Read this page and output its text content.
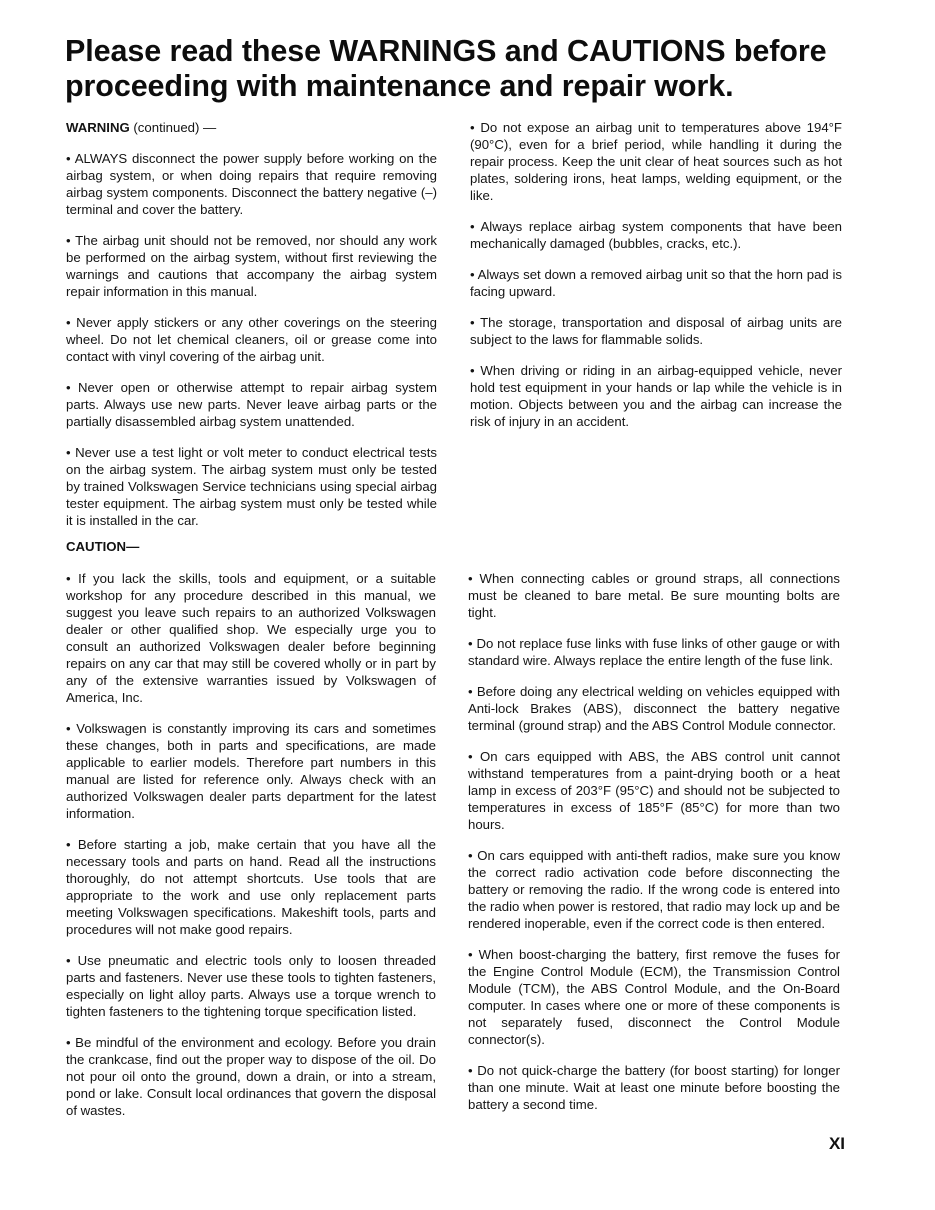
Please read these WARNINGS and CAUTIONS before proceeding with maintenance and repair work.

WARNING (continued) —

• ALWAYS disconnect the power supply before working on the airbag system, or when doing repairs that require removing airbag system components. Disconnect the battery negative (–) terminal and cover the battery.

• The airbag unit should not be removed, nor should any work be performed on the airbag system, without first reviewing the warnings and cautions that accompany the airbag system repair information in this manual.

• Never apply stickers or any other coverings on the steering wheel. Do not let chemical cleaners, oil or grease come into contact with vinyl covering of the airbag unit.

• Never open or otherwise attempt to repair airbag system parts. Always use new parts. Never leave airbag parts or the partially disassembled airbag system unattended.

• Never use a test light or volt meter to conduct electrical tests on the airbag system. The airbag system must only be tested by trained Volkswagen Service technicians using special airbag tester equipment. The airbag system must only be tested while it is installed in the car.

• Do not expose an airbag unit to temperatures above 194°F (90°C), even for a brief period, while handling it during the repair process. Keep the unit clear of heat sources such as hot plates, soldering irons, heat lamps, welding equipment, or the like.

• Always replace airbag system components that have been mechanically damaged (bubbles, cracks, etc.).

• Always set down a removed airbag unit so that the horn pad is facing upward.

• The storage, transportation and disposal of airbag units are subject to the laws for flammable solids.

• When driving or riding in an airbag-equipped vehicle, never hold test equipment in your hands or lap while the vehicle is in motion. Objects between you and the airbag can increase the risk of injury in an accident.

CAUTION—

• If you lack the skills, tools and equipment, or a suitable workshop for any procedure described in this manual, we suggest you leave such repairs to an authorized Volkswagen dealer or other qualified shop. We especially urge you to consult an authorized Volkswagen dealer before beginning repairs on any car that may still be covered wholly or in part by any of the extensive warranties issued by Volkswagen of America, Inc.

• Volkswagen is constantly improving its cars and sometimes these changes, both in parts and specifications, are made applicable to earlier models. Therefore part numbers in this manual are listed for reference only. Always check with an authorized Volkswagen dealer parts department for the latest information.

• Before starting a job, make certain that you have all the necessary tools and parts on hand. Read all the instructions thoroughly, do not attempt shortcuts. Use tools that are appropriate to the work and use only replacement parts meeting Volkswagen specifications. Makeshift tools, parts and procedures will not make good repairs.

• Use pneumatic and electric tools only to loosen threaded parts and fasteners. Never use these tools to tighten fasteners, especially on light alloy parts. Always use a torque wrench to tighten fasteners to the tightening torque specification listed.

• Be mindful of the environment and ecology. Before you drain the crankcase, find out the proper way to dispose of the oil. Do not pour oil onto the ground, down a drain, or into a stream, pond or lake. Consult local ordinances that govern the disposal of wastes.

• When connecting cables or ground straps, all connections must be cleaned to bare metal. Be sure mounting bolts are tight.

• Do not replace fuse links with fuse links of other gauge or with standard wire. Always replace the entire length of the fuse link.

• Before doing any electrical welding on vehicles equipped with Anti-lock Brakes (ABS), disconnect the battery negative terminal (ground strap) and the ABS Control Module connector.

• On cars equipped with ABS, the ABS control unit cannot withstand temperatures from a paint-drying booth or a heat lamp in excess of 203°F (95°C) and should not be subjected to temperatures in excess of 185°F (85°C) for more than two hours.

• On cars equipped with anti-theft radios, make sure you know the correct radio activation code before disconnecting the battery or removing the radio. If the wrong code is entered into the radio when power is restored, that radio may lock up and be rendered inoperable, even if the correct code is then entered.

• When boost-charging the battery, first remove the fuses for the Engine Control Module (ECM), the Transmission Control Module (TCM), the ABS Control Module, and the On-Board computer. In cases where one or more of these components is not separately fused, disconnect the Control Module connector(s).

• Do not quick-charge the battery (for boost starting) for longer than one minute. Wait at least one minute before boosting the battery a second time.

XI
